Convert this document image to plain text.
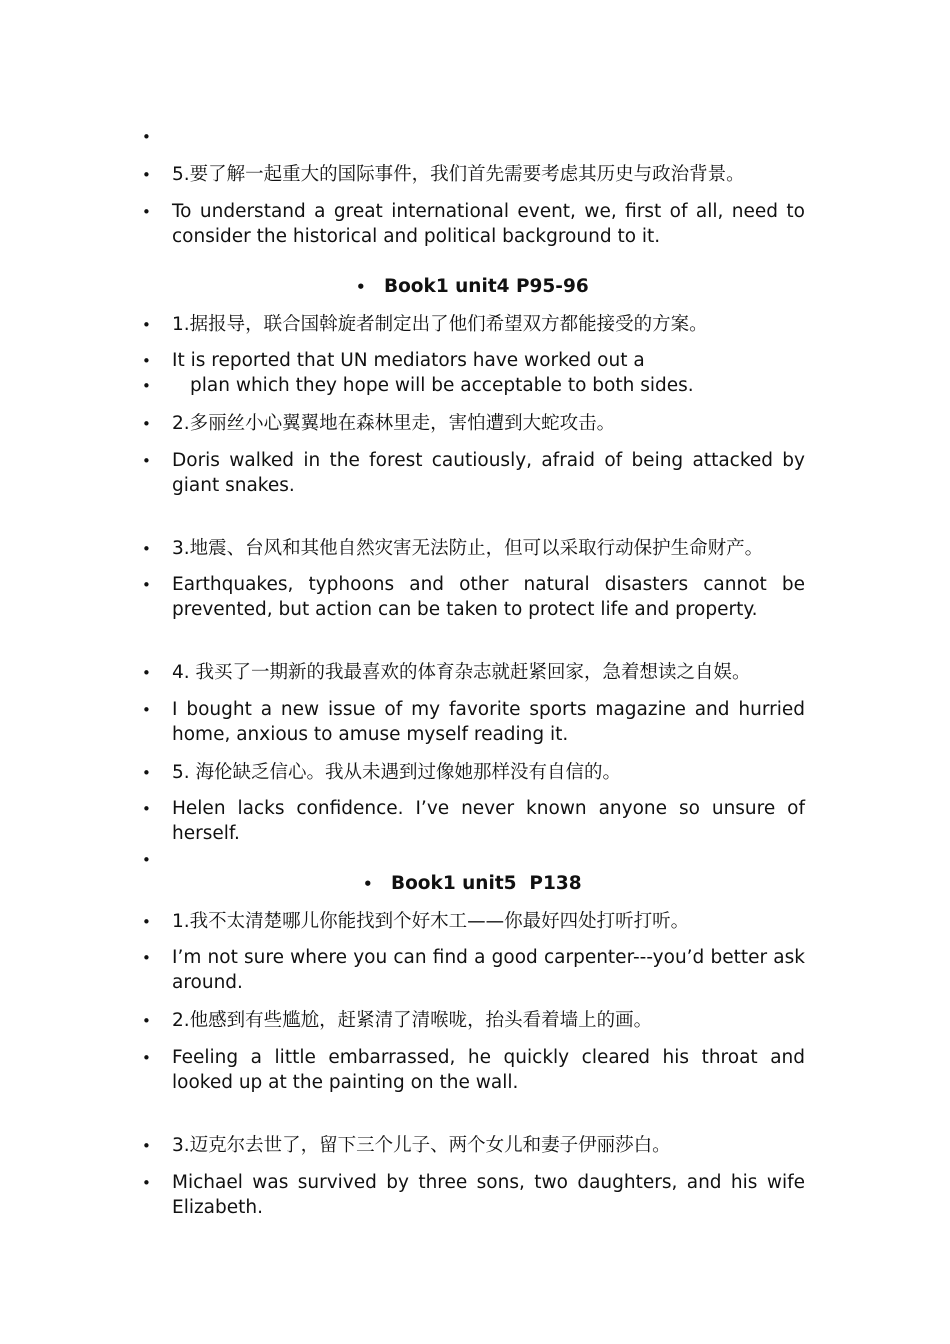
•
• 5.要了解一起重大的国际事件，我们首先需要考虑其历史与政治背景。
• To understand a great international event, we, first of all, need to consider the historical and political background to it.
• Book1 unit4 P95-96
• 1.据报导，联合国斡旋者制定出了他们希望双方都能接受的方案。
• It is reported that UN mediators have worked out a
• plan which they hope will be acceptable to both sides.
• 2.多丽丝小心翼翼地在森林里走，害怕遭到大蛇攻击。
• Doris walked in the forest cautiously, afraid of being attacked by giant snakes.
• 3.地震、台风和其他自然灾害无法防止，但可以采取行动保护生命财产。
• Earthquakes, typhoons and other natural disasters cannot be prevented, but action can be taken to protect life and property.
• 4. 我买了一期新的我最喜欢的体育杂志就赶紧回家，急着想读之自娱。
• I bought a new issue of my favorite sports magazine and hurried home, anxious to amuse myself reading it.
• 5. 海伦缺乏信心。我从未遇到过像她那样没有自信的。
• Helen lacks confidence. I’ve never known anyone so unsure of herself.
•
• Book1 unit5  P138
• 1.我不太清楚哪儿你能找到个好木工——你最好四处打听打听。
• I’m not sure where you can find a good carpenter---you’d better ask around.
• 2.他感到有些尴尬，赶紧清了清喉咙，抬头看着墙上的画。
• Feeling a little embarrassed, he quickly cleared his throat and looked up at the painting on the wall.
• 3.迈克尔去世了，留下三个儿子、两个女儿和妻子伊丽莎白。
• Michael was survived by three sons, two daughters, and his wife Elizabeth.
